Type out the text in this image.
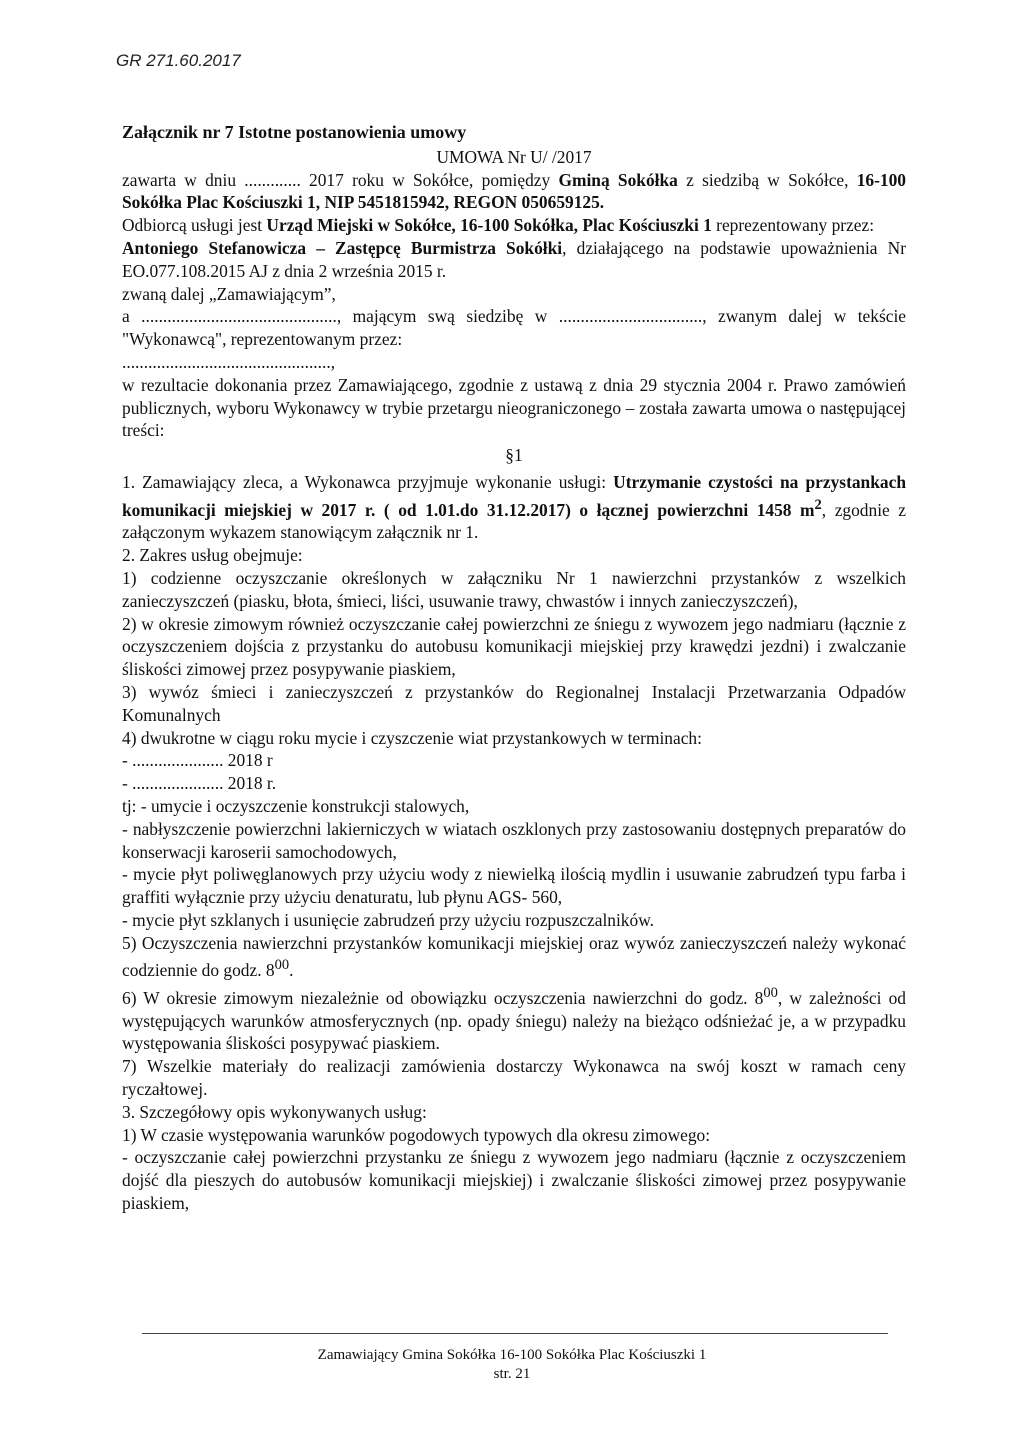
GR 271.60.2017

Załącznik nr 7 Istotne postanowienia umowy

UMOWA Nr U/ /2017

zawarta w dniu ............. 2017 roku w Sokółce, pomiędzy Gminą Sokółka z siedzibą w Sokółce, 16-100 Sokółka Plac Kościuszki 1, NIP 5451815942, REGON 050659125.

Odbiorcą usługi jest Urząd Miejski w Sokółce, 16-100 Sokółka, Plac Kościuszki 1 reprezentowany przez:

Antoniego Stefanowicza – Zastępcę Burmistrza Sokółki, działającego na podstawie upoważnienia Nr EO.077.108.2015 AJ z dnia 2 września 2015 r.

zwaną dalej „Zamawiającym”,

a ............................................., mającym swą siedzibę w ................................., zwanym dalej w tekście "Wykonawcą", reprezentowanym przez:

................................................,

w rezultacie dokonania przez Zamawiającego, zgodnie z ustawą z dnia 29 stycznia 2004 r. Prawo zamówień publicznych, wyboru Wykonawcy w trybie przetargu nieograniczonego – została zawarta umowa o następującej treści:

§1

1. Zamawiający zleca, a Wykonawca przyjmuje wykonanie usługi: Utrzymanie czystości na przystankach komunikacji miejskiej w 2017 r. ( od 1.01.do 31.12.2017) o łącznej powierzchni 1458 $m^2$, zgodnie z załączonym wykazem stanowiącym załącznik nr 1.

2. Zakres usług obejmuje:

1) codzienne oczyszczanie określonych w załączniku Nr 1 nawierzchni przystanków z wszelkich zanieczyszczeń (piasku, błota, śmieci, liści, usuwanie trawy, chwastów i innych zanieczyszczeń),

2) w okresie zimowym również oczyszczanie całej powierzchni ze śniegu z wywozem jego nadmiaru (łącznie z oczyszczeniem dojścia z przystanku do autobusu komunikacji miejskiej przy krawędzi jezdni) i zwalczanie śliskości zimowej przez posypywanie piaskiem,

3) wywóz śmieci i zanieczyszczeń z przystanków do Regionalnej Instalacji Przetwarzania Odpadów Komunalnych

4) dwukrotne w ciągu roku mycie i czyszczenie wiat przystankowych w terminach:

- ..................... 2018 r

- ..................... 2018 r.

tj: - umycie i oczyszczenie konstrukcji stalowych,

- nabłyszczenie powierzchni lakierniczych w wiatach oszklonych przy zastosowaniu dostępnych preparatów do konserwacji karoserii samochodowych,

- mycie płyt poliwęglanowych przy użyciu wody z niewielką ilością mydlin i usuwanie zabrudzeń typu farba i graffiti wyłącznie przy użyciu denaturatu, lub płynu AGS- 560,

- mycie płyt szklanych i usunięcie zabrudzeń przy użyciu rozpuszczalników.

5) Oczyszczenia nawierzchni przystanków komunikacji miejskiej oraz wywóz zanieczyszczeń należy wykonać codziennie do godz. $8^{00}$.

6) W okresie zimowym niezależnie od obowiązku oczyszczenia nawierzchni do godz. $8^{00}$, w zależności od występujących warunków atmosferycznych (np. opady śniegu) należy na bieżąco odśnieżać je, a w przypadku występowania śliskości posypywać piaskiem.

7) Wszelkie materiały do realizacji zamówienia dostarczy Wykonawca na swój koszt w ramach ceny ryczałtowej.

3. Szczegółowy opis wykonywanych usług:

1) W czasie występowania warunków pogodowych typowych dla okresu zimowego:

- oczyszczanie całej powierzchni przystanku ze śniegu z wywozem jego nadmiaru (łącznie z oczyszczeniem dojść dla pieszych do autobusów komunikacji miejskiej) i zwalczanie śliskości zimowej przez posypywanie piaskiem,

Zamawiający Gmina Sokółka 16-100 Sokółka Plac Kościuszki 1
str. 21
